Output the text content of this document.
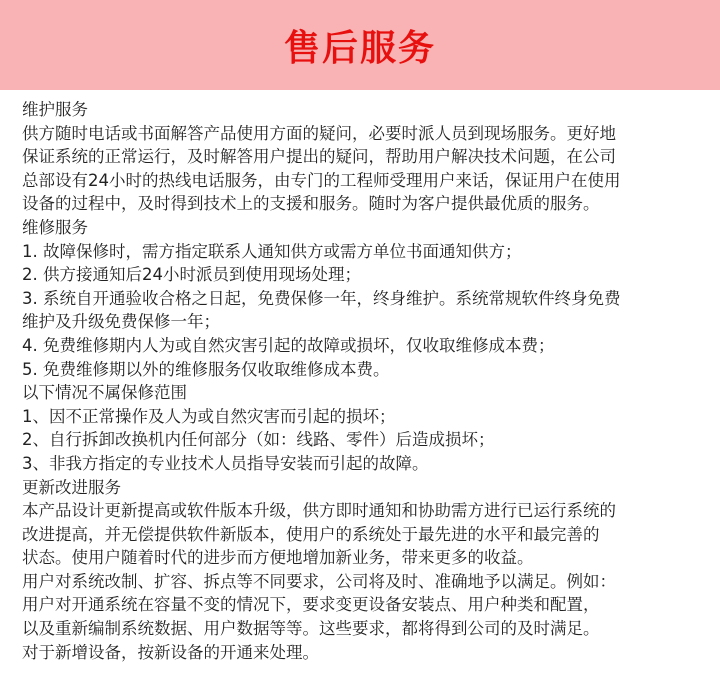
售后服务
维护服务
供方随时电话或书面解答产品使用方面的疑问，必要时派人员到现场服务。更好地
保证系统的正常运行，及时解答用户提出的疑问，帮助用户解决技术问题，在公司
总部设有24小时的热线电话服务，由专门的工程师受理用户来话，保证用户在使用
设备的过程中，及时得到技术上的支援和服务。随时为客户提供最优质的服务。
维修服务
1. 故障保修时，需方指定联系人通知供方或需方单位书面通知供方；
2. 供方接通知后24小时派员到使用现场处理；
3. 系统自开通验收合格之日起，免费保修一年，终身维护。系统常规软件终身免费
维护及升级免费保修一年；
4. 免费维修期内人为或自然灾害引起的故障或损坏，仅收取维修成本费；
5. 免费维修期以外的维修服务仅收取维修成本费。
以下情况不属保修范围
1、因不正常操作及人为或自然灾害而引起的损坏；
2、自行拆卸改换机内任何部分（如：线路、零件）后造成损坏；
3、非我方指定的专业技术人员指导安装而引起的故障。
更新改进服务
本产品设计更新提高或软件版本升级，供方即时通知和协助需方进行已运行系统的
改进提高，并无偿提供软件新版本，使用户的系统处于最先进的水平和最完善的
状态。使用户随着时代的进步而方便地增加新业务，带来更多的收益。
用户对系统改制、扩容、拆点等不同要求，公司将及时、准确地予以满足。例如：
用户对开通系统在容量不变的情况下，要求变更设备安装点、用户种类和配置，
以及重新编制系统数据、用户数据等等。这些要求，都将得到公司的及时满足。
对于新增设备，按新设备的开通来处理。
